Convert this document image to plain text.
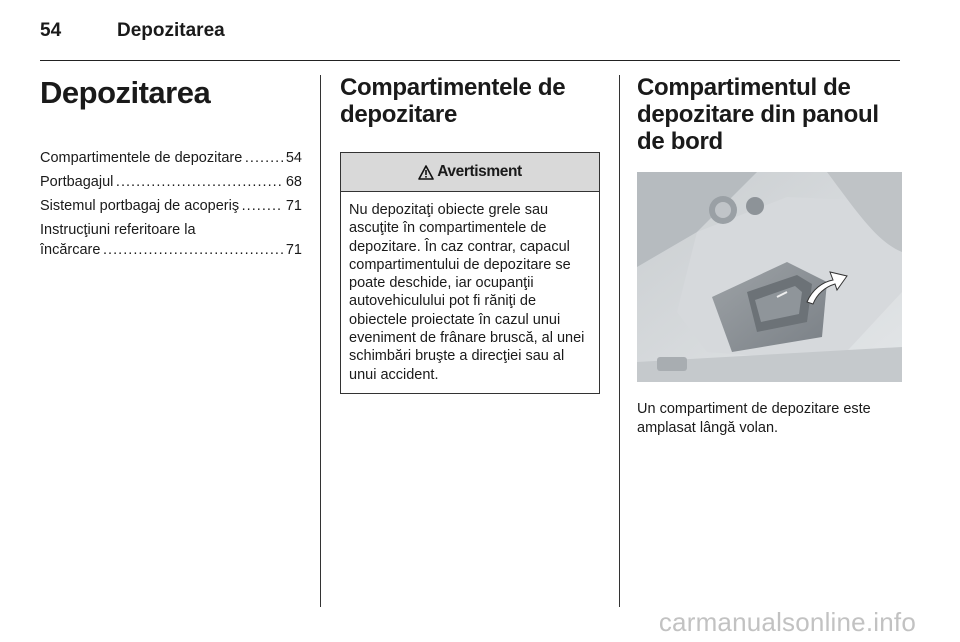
54	Depozitarea
Depozitarea
Compartimentele de depozitare . . .	54
Portbagajul . . .	68
Sistemul portbagaj de acoperiş . . .	71
Instrucţiuni referitoare la
încărcare . . .	71
Compartimentele de depozitare
Avertisment
Nu depozitaţi obiecte grele sau ascuţite în compartimentele de depozitare. În caz contrar, capacul compartimentului de depozitare se poate deschide, iar ocupanţii autovehiculului pot fi răniţi de obiectele proiectate în cazul unui eveniment de frânare bruscă, al unei schimbări bruşte a direcţiei sau al unui accident.
Compartimentul de depozitare din panoul de bord
Un compartiment de depozitare este amplasat lângă volan.
carmanualsonline.info
